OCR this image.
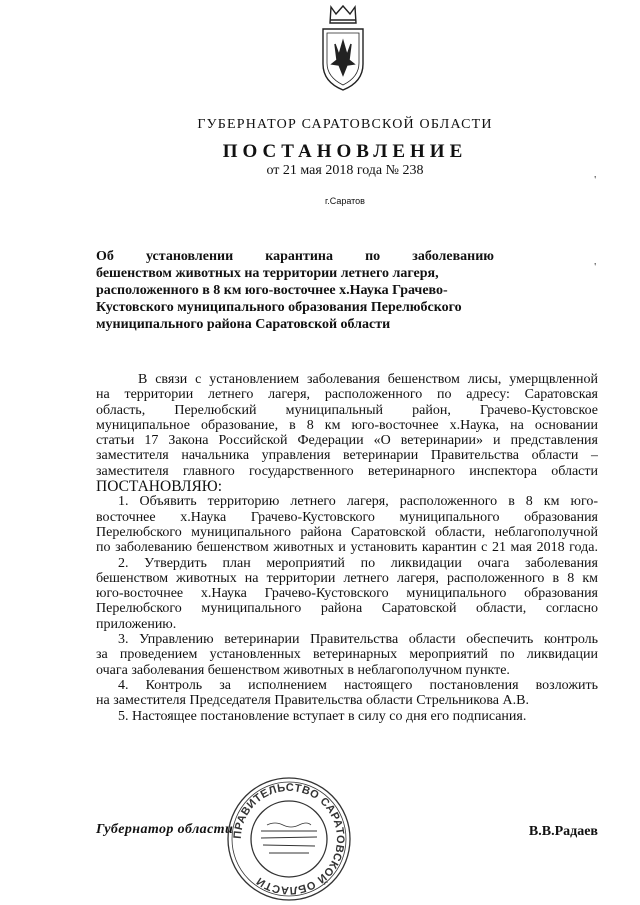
ГУБЕРНАТОР САРАТОВСКОЙ ОБЛАСТИ
ПОСТАНОВЛЕНИЕ
от 21 мая 2018 года № 238
г.Саратов
'
'
Об установлении карантина по заболеванию
бешенством животных на территории летнего лагеря,
расположенного в 8 км юго-восточнее х.Наука Грачево-
Кустовского муниципального образования Перелюбского
муниципального района Саратовской области
В связи с установлением заболевания бешенством лисы, умерщвленной
на территории летнего лагеря, расположенного по адресу: Саратовская
область, Перелюбский муниципальный район, Грачево-Кустовское
муниципальное образование, в 8 км юго-восточнее х.Наука, на основании
статьи 17 Закона Российской Федерации «О ветеринарии» и представления
заместителя начальника управления ветеринарии Правительства области –
заместителя главного государственного ветеринарного инспектора области
ПОСТАНОВЛЯЮ:
1. Объявить территорию летнего лагеря, расположенного в 8 км юго-
восточнее х.Наука Грачево-Кустовского муниципального образования
Перелюбского муниципального района Саратовской области, неблагополучной
по заболеванию бешенством животных и установить карантин с 21 мая 2018 года.
2. Утвердить план мероприятий по ликвидации очага заболевания
бешенством животных на территории летнего лагеря, расположенного в 8 км
юго-восточнее х.Наука Грачево-Кустовского муниципального образования
Перелюбского муниципального района Саратовской области, согласно
приложению.
3. Управлению ветеринарии Правительства области обеспечить контроль
за проведением установленных ветеринарных мероприятий по ликвидации
очага заболевания бешенством животных в неблагополучном пункте.
4. Контроль за исполнением настоящего постановления возложить
на заместителя Председателя Правительства области Стрельникова А.В.
5. Настоящее постановление вступает в силу со дня его подписания.
Губернатор области
ПРАВИТЕЛЬСТВО САРАТОВСКОЙ ОБЛАСТИ
В.В.Радаев
